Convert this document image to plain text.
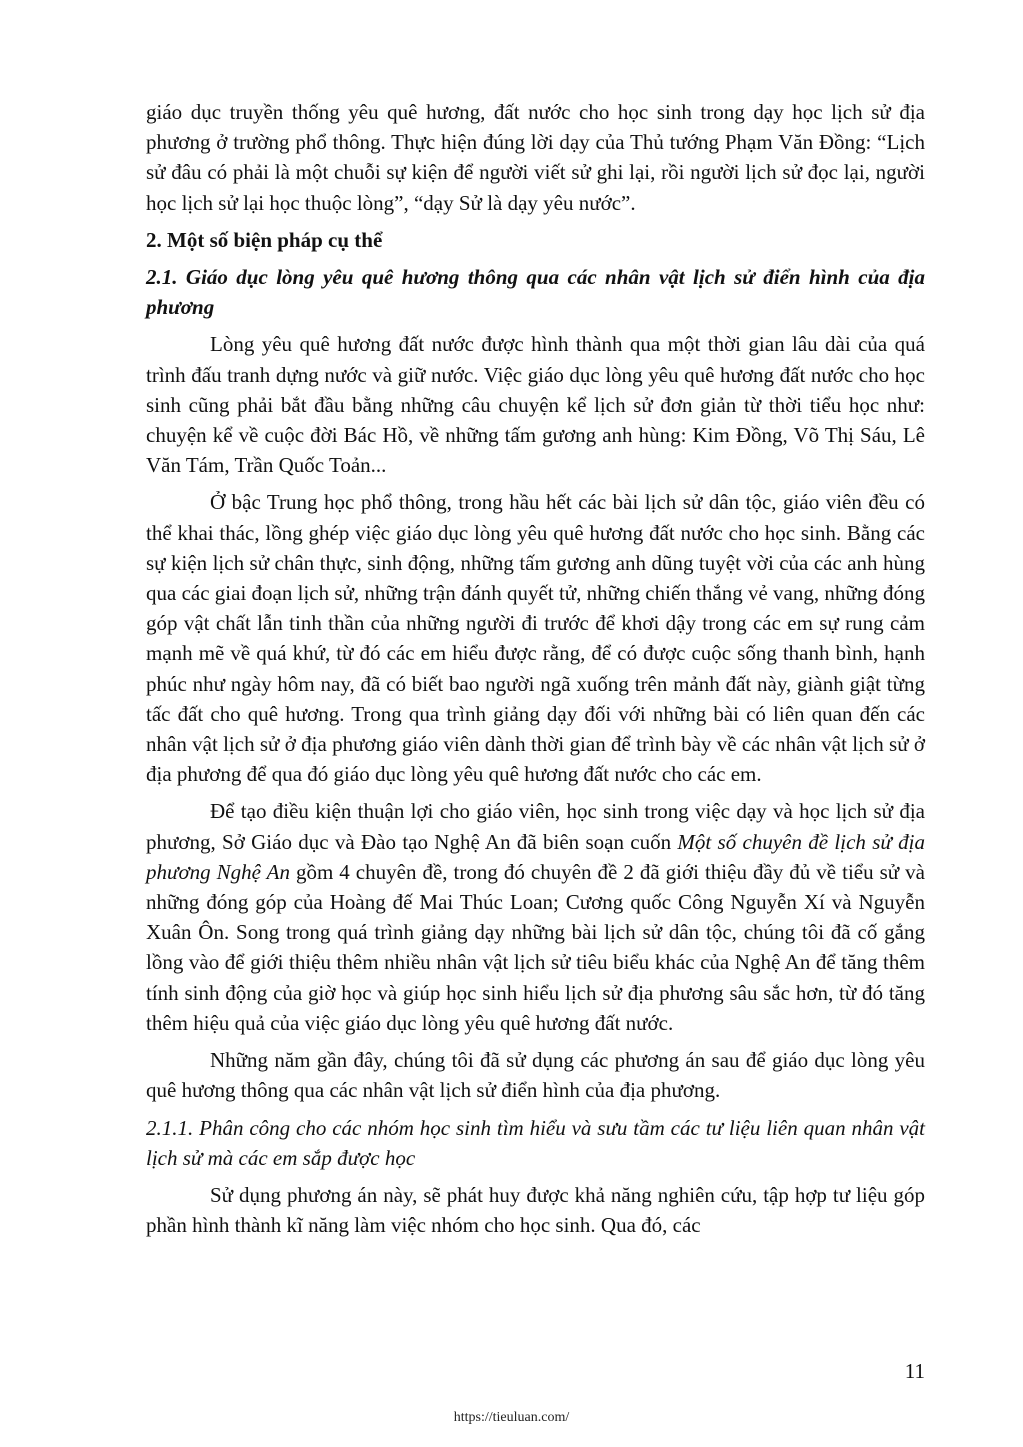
giáo dục truyền thống yêu quê hương, đất nước cho học sinh trong dạy học lịch sử địa phương ở trường phổ thông. Thực hiện đúng lời dạy của Thủ tướng Phạm Văn Đồng: “Lịch sử đâu có phải là một chuỗi sự kiện để người viết sử ghi lại, rồi người lịch sử đọc lại, người học lịch sử lại học thuộc lòng”, “dạy Sử là dạy yêu nước”.

2. Một số biện pháp cụ thể

2.1. Giáo dục lòng yêu quê hương thông qua các nhân vật lịch sử điển hình của địa phương

Lòng yêu quê hương đất nước được hình thành qua một thời gian lâu dài của quá trình đấu tranh dựng nước và giữ nước. Việc giáo dục lòng yêu quê hương đất nước cho học sinh cũng phải bắt đầu bằng những câu chuyện kể lịch sử đơn giản từ thời tiểu học như: chuyện kể về cuộc đời Bác Hồ, về những tấm gương anh hùng: Kim Đồng, Võ Thị Sáu, Lê Văn Tám, Trần Quốc Toản...

Ở bậc Trung học phổ thông, trong hầu hết các bài lịch sử dân tộc, giáo viên đều có thể khai thác, lồng ghép việc giáo dục lòng yêu quê hương đất nước cho học sinh. Bằng các sự kiện lịch sử chân thực, sinh động, những tấm gương anh dũng tuyệt vời của các anh hùng qua các giai đoạn lịch sử, những trận đánh quyết tử, những chiến thắng vẻ vang, những đóng góp vật chất lẫn tinh thần của những người đi trước để khơi dậy trong các em sự rung cảm mạnh mẽ về quá khứ, từ đó các em hiểu được rằng, để có được cuộc sống thanh bình, hạnh phúc như ngày hôm nay, đã có biết bao người ngã xuống trên mảnh đất này, giành giật từng tấc đất cho quê hương. Trong qua trình giảng dạy đối với những bài có liên quan đến các nhân vật lịch sử ở địa phương giáo viên dành thời gian để trình bày về các nhân vật lịch sử ở địa phương để qua đó giáo dục lòng yêu quê hương đất nước cho các em.

Để tạo điều kiện thuận lợi cho giáo viên, học sinh trong việc dạy và học lịch sử địa phương, Sở Giáo dục và Đào tạo Nghệ An đã biên soạn cuốn Một số chuyên đề lịch sử địa phương Nghệ An gồm 4 chuyên đề, trong đó chuyên đề 2 đã giới thiệu đầy đủ về tiểu sử và những đóng góp của Hoàng đế Mai Thúc Loan; Cương quốc Công Nguyễn Xí và Nguyễn Xuân Ôn. Song trong quá trình giảng dạy những bài lịch sử dân tộc, chúng tôi đã cố gắng lồng vào để giới thiệu thêm nhiều nhân vật lịch sử tiêu biểu khác của Nghệ An để tăng thêm tính sinh động của giờ học và giúp học sinh hiểu lịch sử địa phương sâu sắc hơn, từ đó tăng thêm hiệu quả của việc giáo dục lòng yêu quê hương đất nước.

Những năm gần đây, chúng tôi đã sử dụng các phương án sau để giáo dục lòng yêu quê hương thông qua các nhân vật lịch sử điển hình của địa phương.

2.1.1. Phân công cho các nhóm học sinh tìm hiểu và sưu tầm các tư liệu liên quan nhân vật lịch sử mà các em sắp được học

Sử dụng phương án này, sẽ phát huy được khả năng nghiên cứu, tập hợp tư liệu góp phần hình thành kĩ năng làm việc nhóm cho học sinh. Qua đó, các

11
https://tieuluan.com/
